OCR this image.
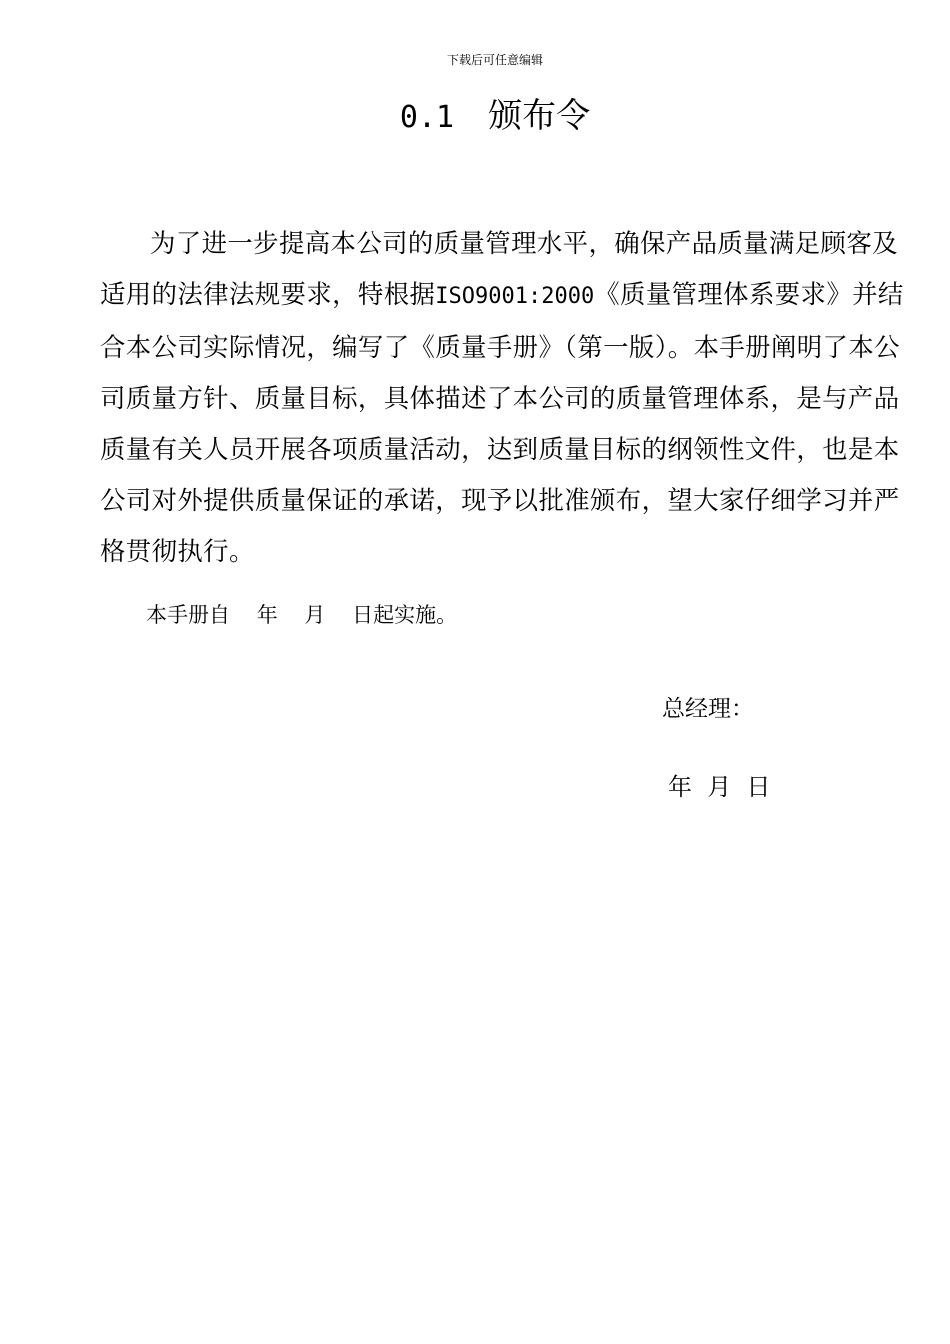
下载后可任意编辑
0.1 颁布令

为了进一步提高本公司的质量管理水平，确保产品质量满足顾客及适用的法律法规要求，特根据ISO9001:2000《质量管理体系要求》并结合本公司实际情况，编写了《质量手册》（第一版）。本手册阐明了本公司质量方针、质量目标，具体描述了本公司的质量管理体系，是与产品质量有关人员开展各项质量活动，达到质量目标的纲领性文件，也是本公司对外提供质量保证的承诺，现予以批准颁布，望大家仔细学习并严格贯彻执行。

本手册自    年    月    日起实施。
总经理：
年  月  日
